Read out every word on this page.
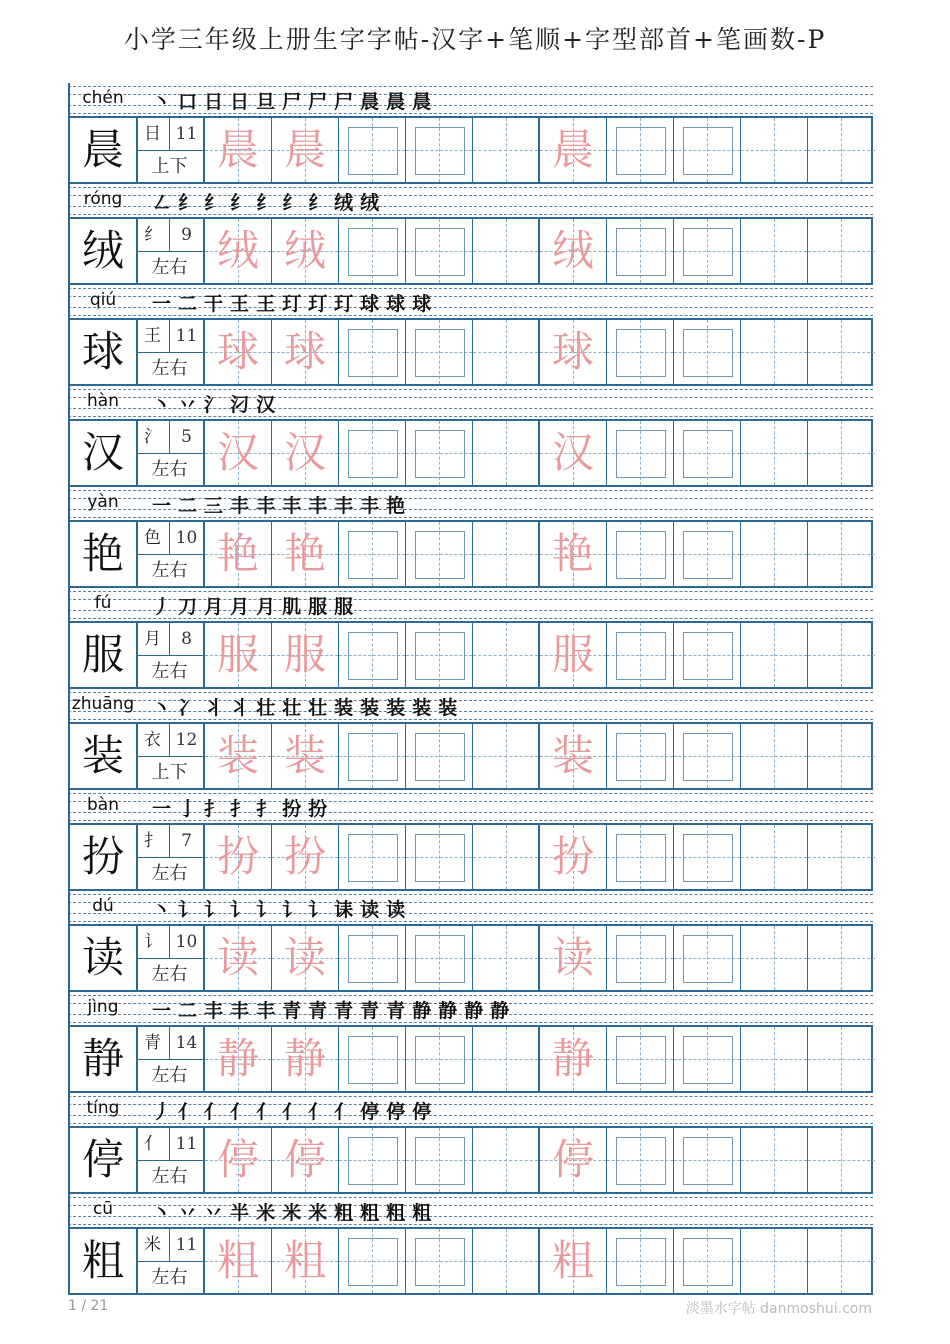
小学三年级上册生字字帖-汉字+笔顺+字型部首+笔画数-P
chén	丶 口 日 日 旦 尸 尸 尸 晨 晨 晨
晨	日 11
上下 晨 晨	晨
róng	㇜ 纟 纟 纟 纟 纟 纟 绒 绒
绒	纟	9
左右 绒 绒	绒
qiú	一 二 干 王 王 玎 玎 玎 球 球 球
球	王 11
左右 球 球	球
hàn	丶 丷 氵 汈 汉
汉	氵	5
左右 汉 汉	汉
yàn	一 二 三 丰 丰 丰 丰 丰 丰 艳
艳	色 10
左右 艳 艳	艳
fú	丿 刀 月 月 月 肌 服 服
服	月	8
左右 服 服	服
zhuāng 丶 冫 丬 丬 壮 壮 壮 装 装 装 装 装
装	衣 12
上下 装 装	装
bàn	一 亅 扌 扌 扌 扮 扮
扮	扌	7
左右 扮 扮	扮
dú	丶 讠 讠 讠 讠 讠 讠 诔 读 读
读	讠 10
左右 读 读	读
jìng	一 二 丰 丰 丰 青 青 青 青 青 静 静 静 静
静	青 14
左右 静 静	静
tíng	丿 亻 亻 亻 亻 亻 亻 亻 停 停 停
停	亻 11
左右 停 停	停
cū	丶 丷 丷 半 米 米 米 粗 粗 粗 粗
粗	米 11
左右 粗 粗	粗
1 / 21	淡墨水字帖 danmoshui.com
